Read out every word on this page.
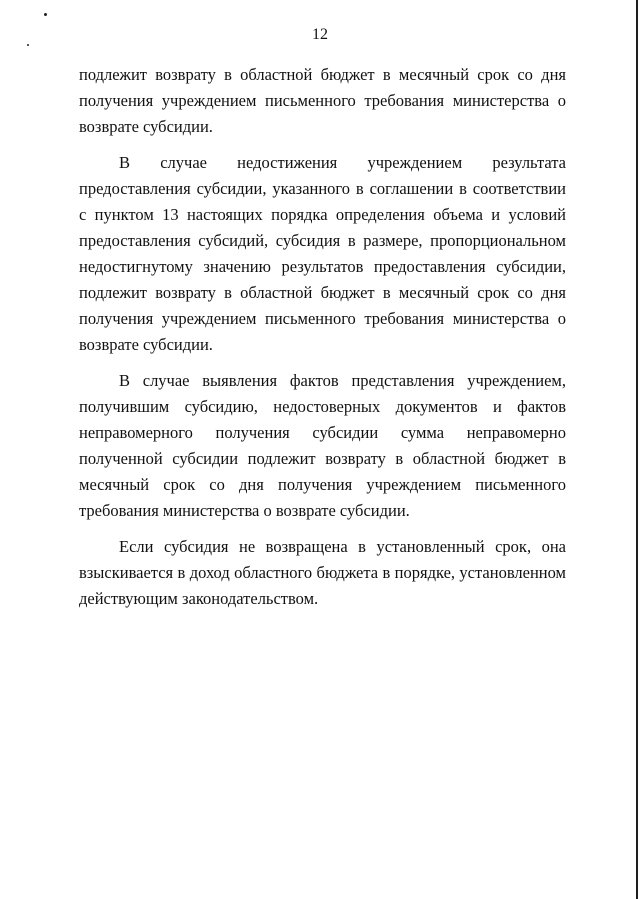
12

подлежит возврату в областной бюджет в месячный срок со дня получения учреждением письменного требования министерства о возврате субсидии.

В случае недостижения учреждением результата предоставления субсидии, указанного в соглашении в соответствии с пунктом 13 настоящих порядка определения объема и условий предоставления субсидий, субсидия в размере, пропорциональном недостигнутому значению результатов предоставления субсидии, подлежит возврату в областной бюджет в месячный срок со дня получения учреждением письменного требования министерства о возврате субсидии.

В случае выявления фактов представления учреждением, получившим субсидию, недостоверных документов и фактов неправомерного получения субсидии сумма неправомерно полученной субсидии подлежит возврату в областной бюджет в месячный срок со дня получения учреждением письменного требования министерства о возврате субсидии.

Если субсидия не возвращена в установленный срок, она взыскивается в доход областного бюджета в порядке, установленном действующим законодательством.
